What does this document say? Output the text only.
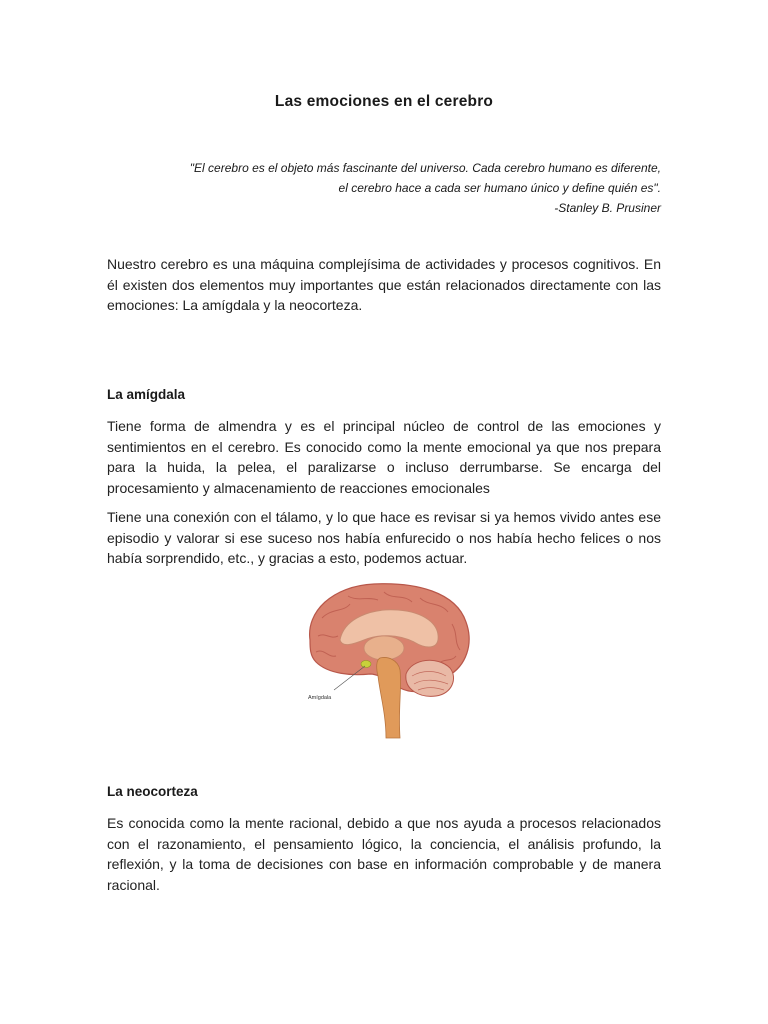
Las emociones en el cerebro
"El cerebro es el objeto más fascinante del universo. Cada cerebro humano es diferente,
el cerebro hace a cada ser humano único y define quién es".
-Stanley B. Prusiner

Nuestro cerebro es una máquina complejísima de actividades y procesos cognitivos. En él existen dos elementos muy importantes que están relacionados directamente con las emociones: La amígdala y la neocorteza.

La amígdala

Tiene forma de almendra y es el principal núcleo de control de las emociones y sentimientos en el cerebro. Es conocido como la mente emocional ya que nos prepara para la huida, la pelea, el paralizarse o incluso derrumbarse. Se encarga del procesamiento y almacenamiento de reacciones emocionales

Tiene una conexión con el tálamo, y lo que hace es revisar si ya hemos vivido antes ese episodio y valorar si ese suceso nos había enfurecido o nos había hecho felices o nos había sorprendido, etc., y gracias a esto, podemos actuar.

Amígdala
La neocorteza

Es conocida como la mente racional, debido a que nos ayuda a procesos relacionados con el razonamiento, el pensamiento lógico, la conciencia, el análisis profundo, la reflexión, y la toma de decisiones con base en información comprobable y de manera racional.
